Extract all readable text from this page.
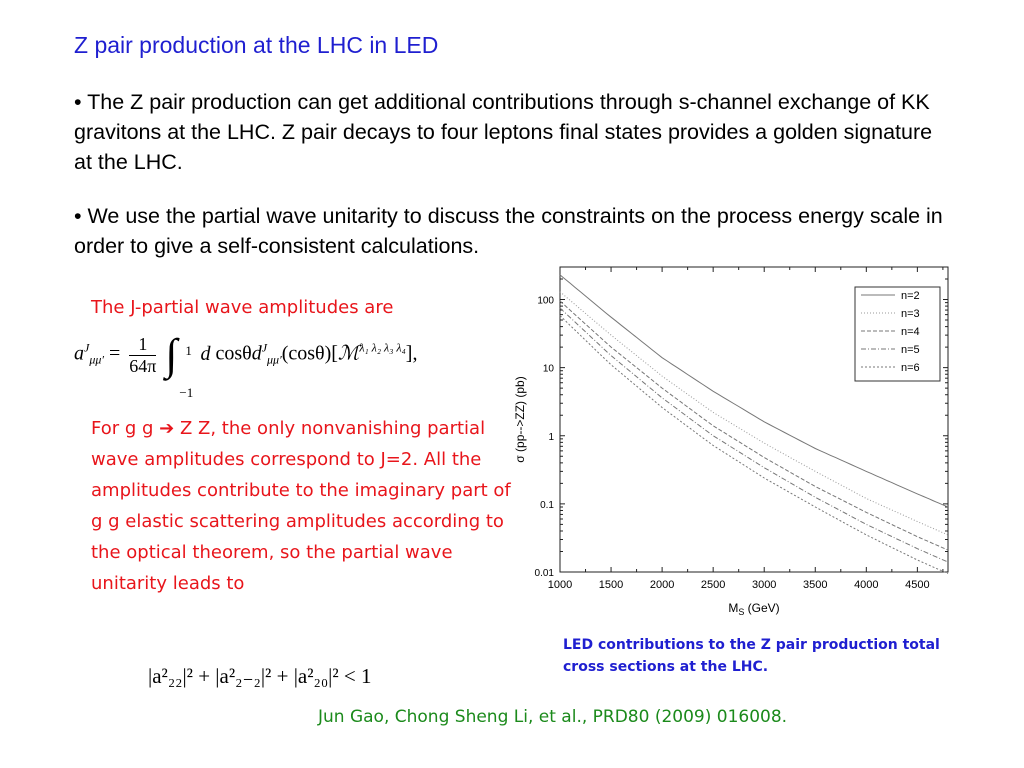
Z pair production at the LHC in LED
• The Z pair production can get additional contributions through s-channel exchange of KK gravitons at the LHC. Z pair decays to four leptons final states provides a golden signature at the LHC.
• We use the partial wave unitarity to discuss the constraints on the process energy scale in order to give a self-consistent calculations.
The J-partial wave amplitudes are
$a^J_{\mu\mu'} = \frac{1}{64\pi}$ ∫ 1
−1
d cosθd$^J_{\mu\mu'}$(cosθ)[ℳ$^{\lambda_1 \lambda_2 \lambda_3 \lambda_4}$],
For g g ➔ Z Z, the only nonvanishing partial wave amplitudes correspond to J=2. All the amplitudes contribute to the imaginary part of g g elastic scattering amplitudes according to the optical theorem, so the partial wave unitarity leads to
|a²₂₂|² + |a²₂₋₂|² + |a²₂₀|² < 1
1000 1500 2000 2500 3000 3500 4000 4500
0.01
0.1
1
10
100	n=2
n=3
n=4
n=5
n=6
$M_S$ (GeV)
σ (pp-->ZZ) (pb)
LED contributions to the Z pair production total cross sections at the LHC.
Jun Gao, Chong Sheng Li, et al., PRD80 (2009) 016008.
